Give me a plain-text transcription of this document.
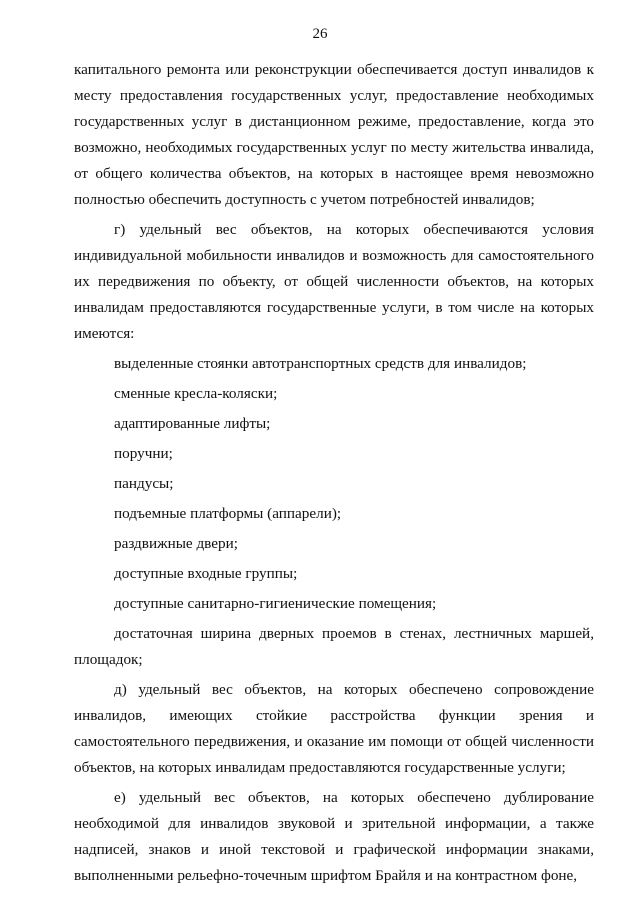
26

капитального ремонта или реконструкции обеспечивается доступ инвалидов к месту предоставления государственных услуг, предоставление необходимых государственных услуг в дистанционном режиме, предоставление, когда это возможно, необходимых государственных услуг по месту жительства инвалида, от общего количества объектов, на которых в настоящее время невозможно полностью обеспечить доступность с учетом потребностей инвалидов;

г) удельный вес объектов, на которых обеспечиваются условия индивидуальной мобильности инвалидов и возможность для самостоятельного их передвижения по объекту, от общей численности объектов, на которых инвалидам предоставляются государственные услуги, в том числе на которых имеются:

выделенные стоянки автотранспортных средств для инвалидов;

сменные кресла-коляски;

адаптированные лифты;

поручни;

пандусы;

подъемные платформы (аппарели);

раздвижные двери;

доступные входные группы;

доступные санитарно-гигиенические помещения;

достаточная ширина дверных проемов в стенах, лестничных маршей, площадок;

д) удельный вес объектов, на которых обеспечено сопровождение инвалидов, имеющих стойкие расстройства функции зрения и самостоятельного передвижения, и оказание им помощи от общей численности объектов, на которых инвалидам предоставляются государственные услуги;

е) удельный вес объектов, на которых обеспечено дублирование необходимой для инвалидов звуковой и зрительной информации, а также надписей, знаков и иной текстовой и графической информации знаками, выполненными рельефно-точечным шрифтом Брайля и на контрастном фоне,
